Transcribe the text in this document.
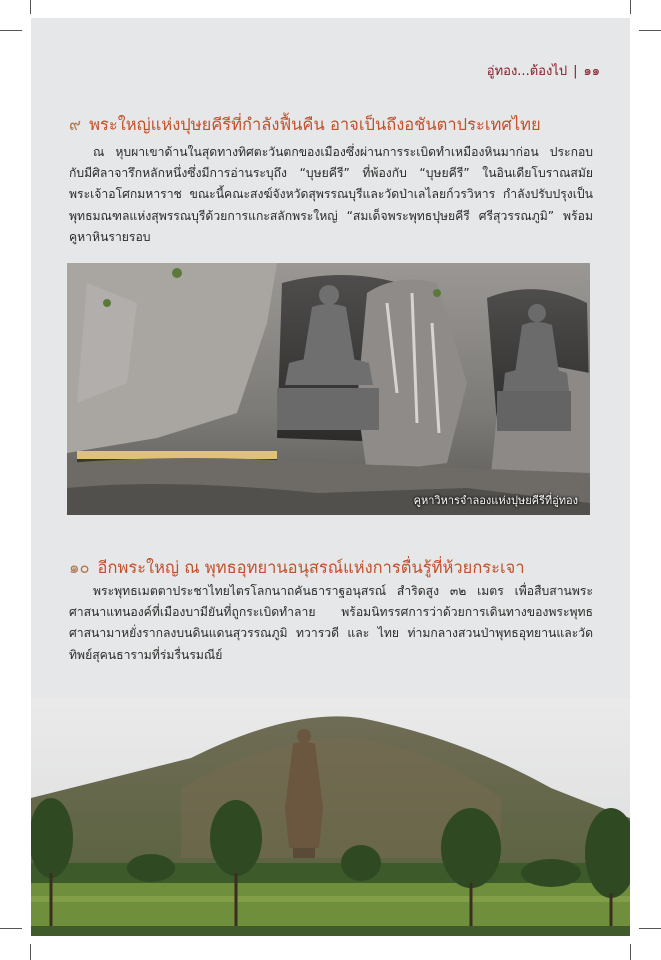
อู่ทอง...ต้องไป | ๑๑
๙ พระใหญ่แห่งปุษยคีรีที่กำลังฟื้นคืน อาจเป็นถึงอชันตาประเทศไทย
ณ หุบผาเขาด้านในสุดทางทิศตะวันตกของเมืองซึ่งผ่านการระเบิดทำเหมืองหินมาก่อน ประกอบกับมีศิลาจารึกหลักหนึ่งซึ่งมีการอ่านระบุถึง “บุษยคีรี” ที่พ้องกับ “บุษยคีรี” ในอินเดียโบราณสมัยพระเจ้าอโศกมหาราช ขณะนี้คณะสงฆ์จังหวัดสุพรรณบุรีและวัดป่าเลไลยก์วรวิหาร กำลังปรับปรุงเป็นพุทธมณฑลแห่งสุพรรณบุรีด้วยการแกะสลักพระใหญ่ “สมเด็จพระพุทธปุษยคีรี ศรีสุวรรณภูมิ” พร้อมคูหาหินรายรอบ
คูหาวิหารจำลองแห่งปุษยคีรีที่อู่ทอง
๑๐ อีกพระใหญ่ ณ พุทธอุทยานอนุสรณ์แห่งการตื่นรู้ที่ห้วยกระเจา
พระพุทธเมตตาประชาไทยไตรโลกนาถคันธาราฐอนุสรณ์ สำริดสูง ๓๒ เมตร เพื่อสืบสานพระศาสนาแทนองค์ที่เมืองบามียันที่ถูกระเบิดทำลาย พร้อมนิทรรศการว่าด้วยการเดินทางของพระพุทธศาสนามาหยั่งรากลงบนดินแดนสุวรรณภูมิ ทวารวดี และ ไทย ท่ามกลางสวนป่าพุทธอุทยานและวัดทิพย์สุคนธารามที่ร่มรื่นรมณีย์
